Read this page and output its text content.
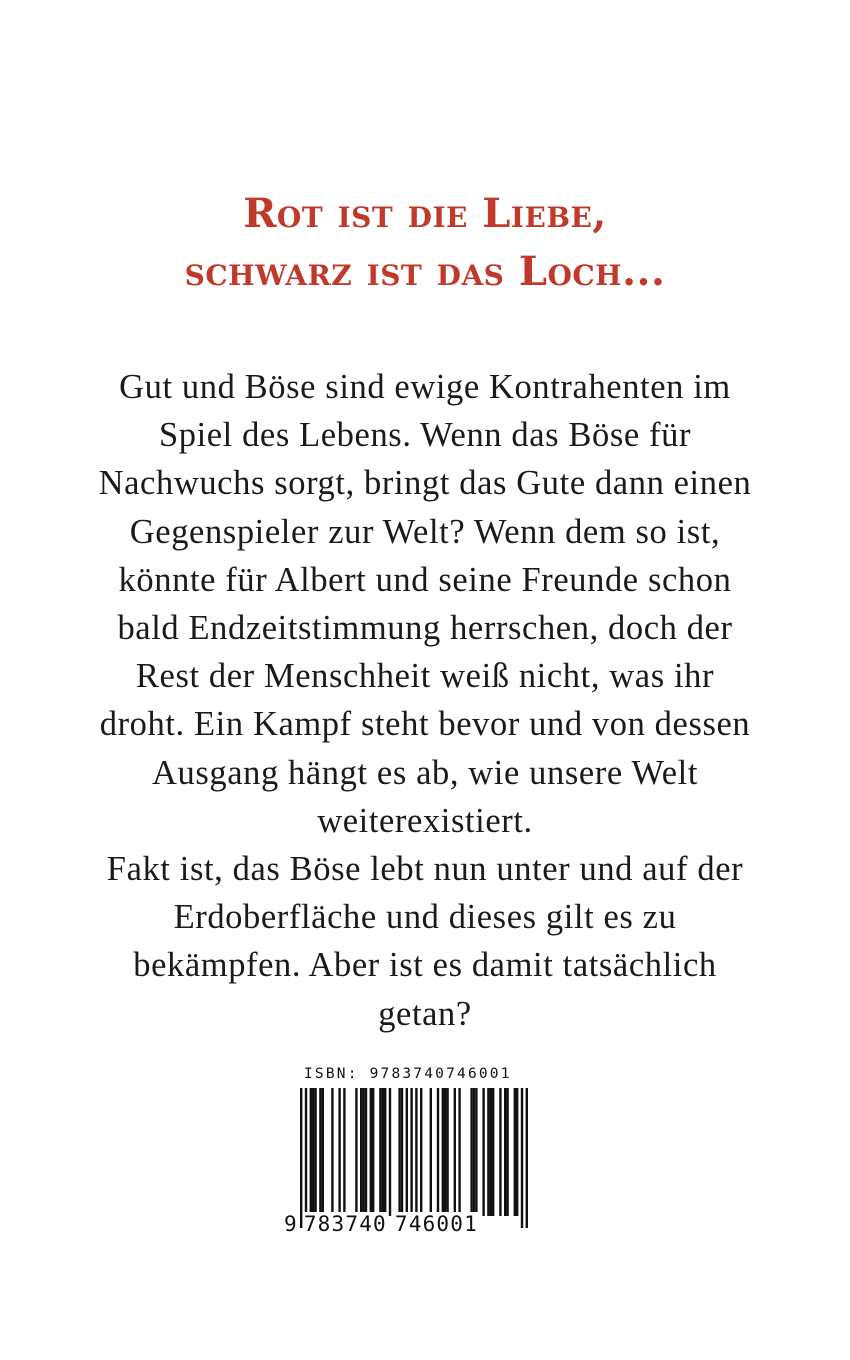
Rot ist die Liebe,
schwarz ist das Loch...
Gut und Böse sind ewige Kontrahenten im
Spiel des Lebens. Wenn das Böse für
Nachwuchs sorgt, bringt das Gute dann einen
Gegenspieler zur Welt? Wenn dem so ist,
könnte für Albert und seine Freunde schon
bald Endzeitstimmung herrschen, doch der
Rest der Menschheit weiß nicht, was ihr
droht. Ein Kampf steht bevor und von dessen
Ausgang hängt es ab, wie unsere Welt
weiterexistiert.
Fakt ist, das Böse lebt nun unter und auf der
Erdoberfläche und dieses gilt es zu
bekämpfen. Aber ist es damit tatsächlich
getan?
ISBN: 9783740746001
9 783740 746001
